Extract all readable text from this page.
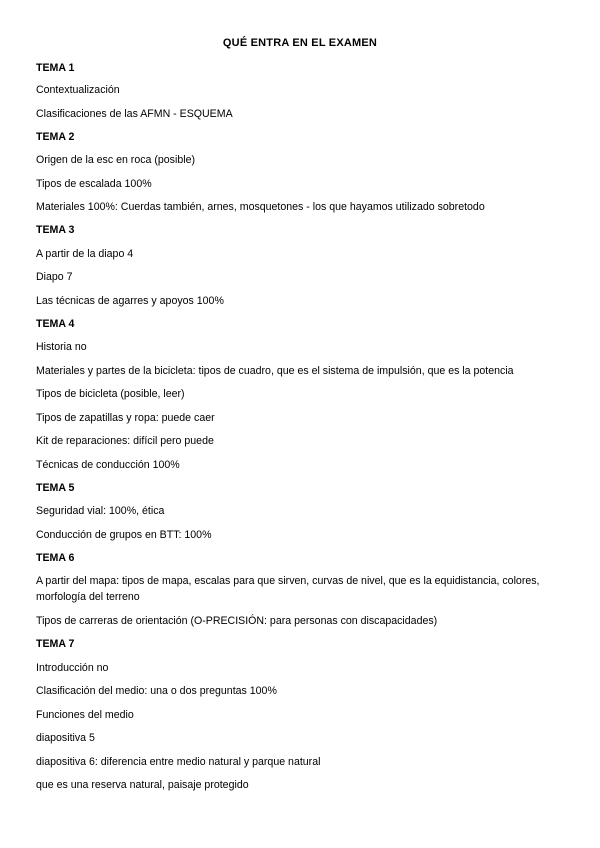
QUÉ ENTRA EN EL EXAMEN
TEMA 1
Contextualización
Clasificaciones de las AFMN - ESQUEMA
TEMA 2
Origen de la esc en roca (posible)
Tipos de escalada 100%
Materiales 100%: Cuerdas también, arnes, mosquetones - los que hayamos utilizado sobretodo
TEMA 3
A partir de la diapo 4
Diapo 7
Las técnicas de agarres y apoyos 100%
TEMA 4
Historia no
Materiales y partes de la bicicleta: tipos de cuadro, que es el sistema de impulsión, que es la potencia
Tipos de bicicleta (posible, leer)
Tipos de zapatillas y ropa: puede caer
Kit de reparaciones: difícil pero puede
Técnicas de conducción 100%
TEMA 5
Seguridad vial: 100%, ética
Conducción de grupos en BTT: 100%
TEMA 6
A partir del mapa: tipos de mapa, escalas para que sirven, curvas de nivel, que es la equidistancia, colores, morfología del terreno
Tipos de carreras de orientación (O-PRECISIÓN: para personas con discapacidades)
TEMA 7
Introducción no
Clasificación del medio: una o dos preguntas 100%
Funciones del medio
diapositiva 5
diapositiva 6: diferencia entre medio natural y parque natural
que es una reserva natural, paisaje protegido
